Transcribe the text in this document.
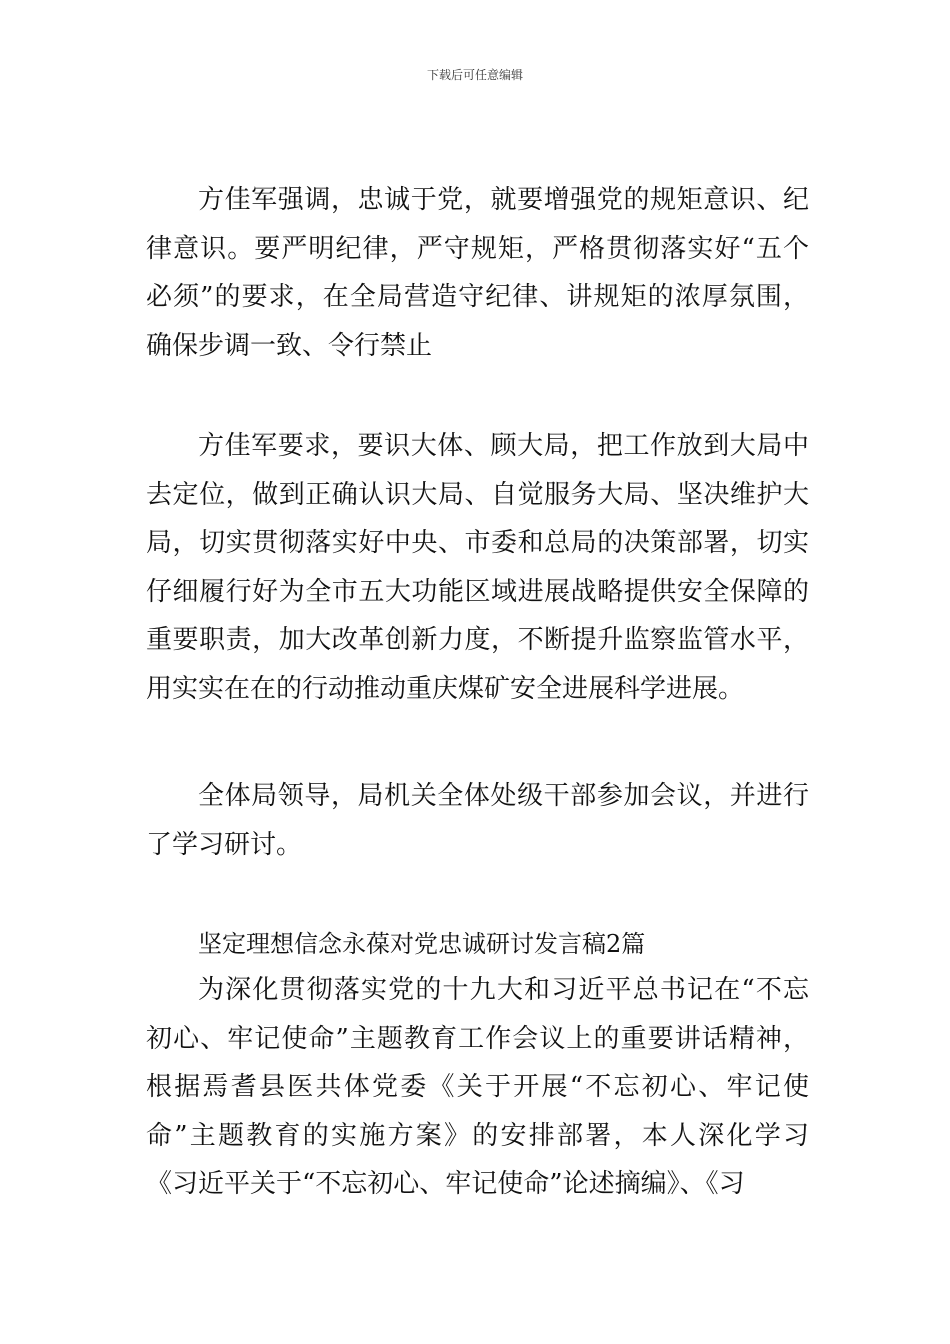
下载后可任意编辑
方佳军强调，忠诚于党，就要增强党的规矩意识、纪律意识。要严明纪律，严守规矩，严格贯彻落实好“五个必须”的要求，在全局营造守纪律、讲规矩的浓厚氛围，确保步调一致、令行禁止
方佳军要求，要识大体、顾大局，把工作放到大局中去定位，做到正确认识大局、自觉服务大局、坚决维护大局，切实贯彻落实好中央、市委和总局的决策部署，切实仔细履行好为全市五大功能区域进展战略提供安全保障的重要职责，加大改革创新力度，不断提升监察监管水平，用实实在在的行动推动重庆煤矿安全进展科学进展。
全体局领导，局机关全体处级干部参加会议，并进行了学习研讨。
坚定理想信念永葆对党忠诚研讨发言稿2篇
为深化贯彻落实党的十九大和习近平总书记在“不忘初心、牢记使命”主题教育工作会议上的重要讲话精神，根据焉耆县医共体党委《关于开展“不忘初心、牢记使命”主题教育的实施方案》的安排部署，本人深化学习《习近平关于“不忘初心、牢记使命”论述摘编》、《习
